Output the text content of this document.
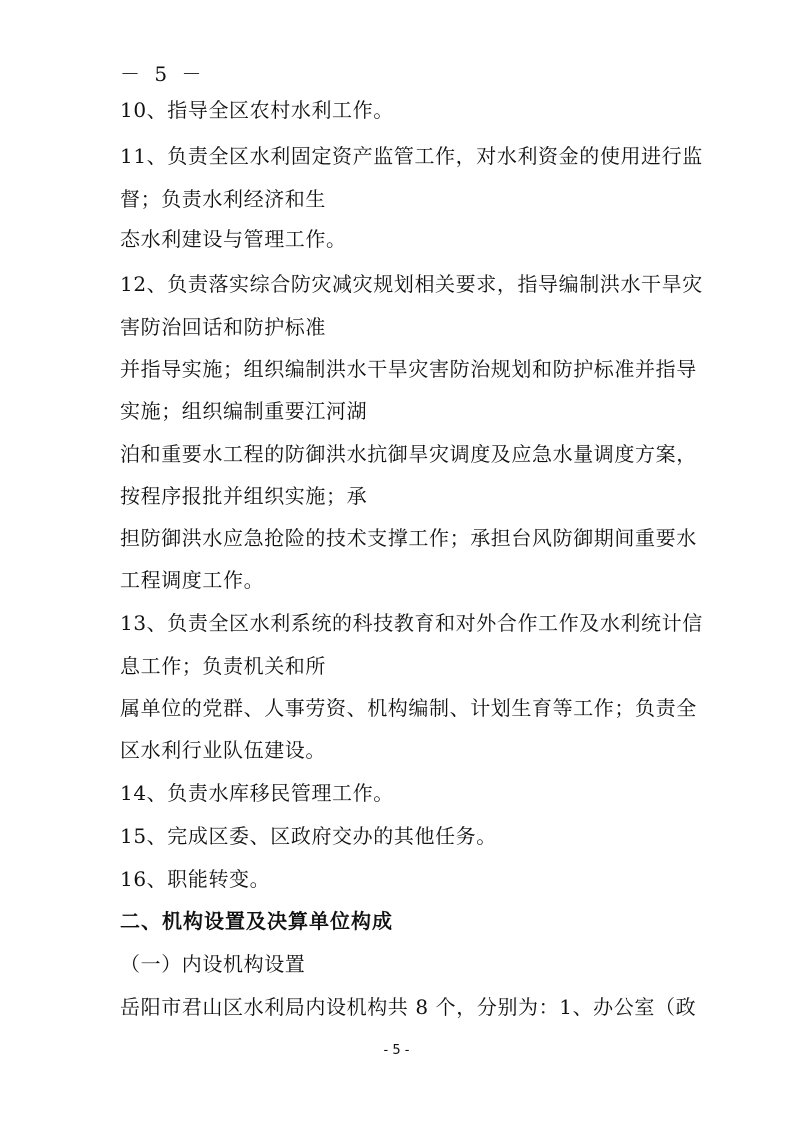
－ 5 －
10、指导全区农村水利工作。
11、负责全区水利固定资产监管工作，对水利资金的使用进行监
督；负责水利经济和生
态水利建设与管理工作。
12、负责落实综合防灾减灾规划相关要求，指导编制洪水干旱灾
害防治回话和防护标准
并指导实施；组织编制洪水干旱灾害防治规划和防护标准并指导
实施；组织编制重要江河湖
泊和重要水工程的防御洪水抗御旱灾调度及应急水量调度方案，
按程序报批并组织实施；承
担防御洪水应急抢险的技术支撑工作；承担台风防御期间重要水
工程调度工作。
13、负责全区水利系统的科技教育和对外合作工作及水利统计信
息工作；负责机关和所
属单位的党群、人事劳资、机构编制、计划生育等工作；负责全
区水利行业队伍建设。
14、负责水库移民管理工作。
15、完成区委、区政府交办的其他任务。
16、职能转变。
二、机构设置及决算单位构成
（一）内设机构设置
岳阳市君山区水利局内设机构共 8 个，分别为：1、办公室（政
- 5 -
